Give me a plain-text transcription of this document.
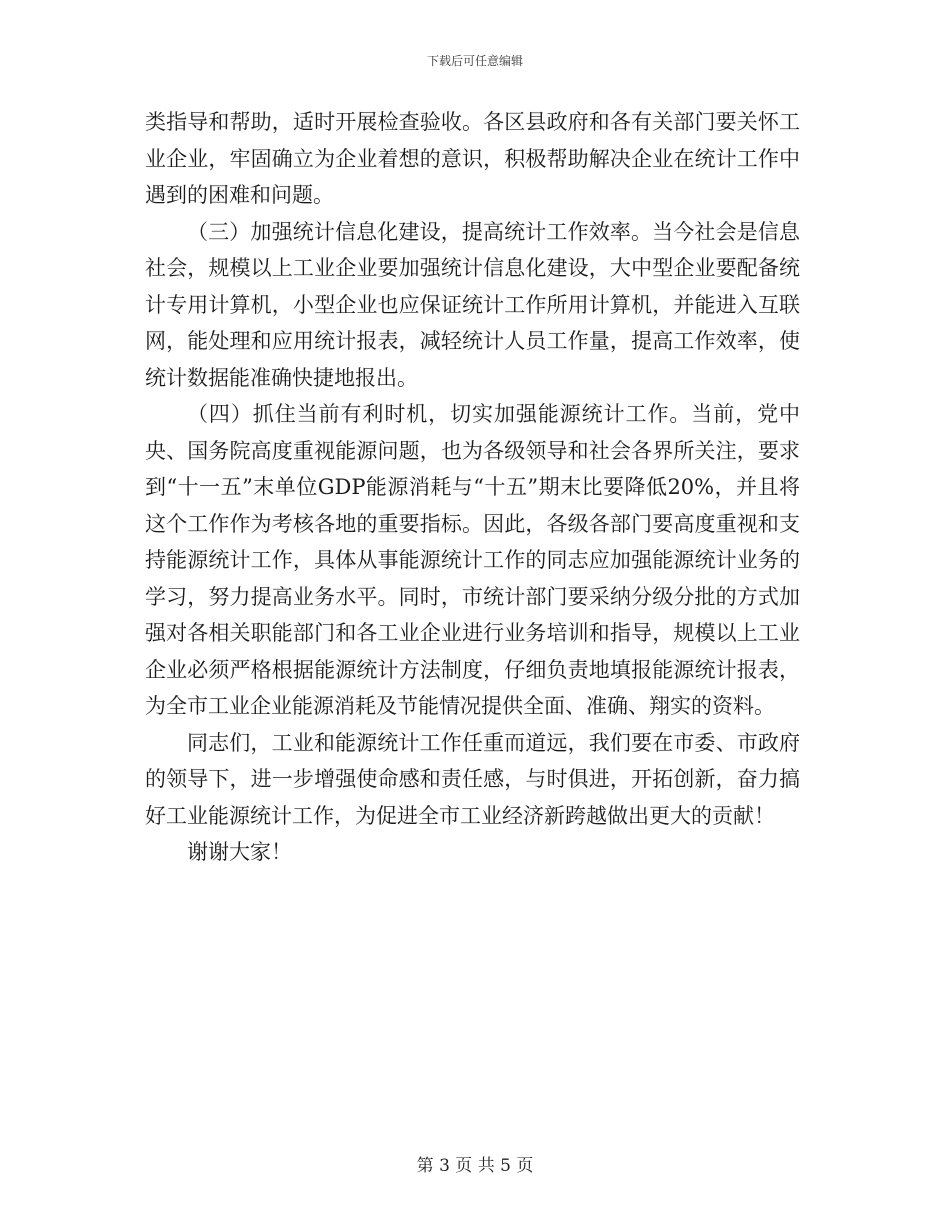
下载后可任意编辑

类指导和帮助，适时开展检查验收。各区县政府和各有关部门要关怀工业企业，牢固确立为企业着想的意识，积极帮助解决企业在统计工作中遇到的困难和问题。

（三）加强统计信息化建设，提高统计工作效率。当今社会是信息社会，规模以上工业企业要加强统计信息化建设，大中型企业要配备统计专用计算机，小型企业也应保证统计工作所用计算机，并能进入互联网，能处理和应用统计报表，减轻统计人员工作量，提高工作效率，使统计数据能准确快捷地报出。

（四）抓住当前有利时机，切实加强能源统计工作。当前，党中央、国务院高度重视能源问题，也为各级领导和社会各界所关注，要求到“十一五”末单位GDP能源消耗与“十五”期末比要降低20%，并且将这个工作作为考核各地的重要指标。因此，各级各部门要高度重视和支持能源统计工作，具体从事能源统计工作的同志应加强能源统计业务的学习，努力提高业务水平。同时，市统计部门要采纳分级分批的方式加强对各相关职能部门和各工业企业进行业务培训和指导，规模以上工业企业必须严格根据能源统计方法制度，仔细负责地填报能源统计报表，为全市工业企业能源消耗及节能情况提供全面、准确、翔实的资料。

同志们，工业和能源统计工作任重而道远，我们要在市委、市政府的领导下，进一步增强使命感和责任感，与时俱进，开拓创新，奋力搞好工业能源统计工作，为促进全市工业经济新跨越做出更大的贡献！

谢谢大家！

第 3 页 共 5 页
